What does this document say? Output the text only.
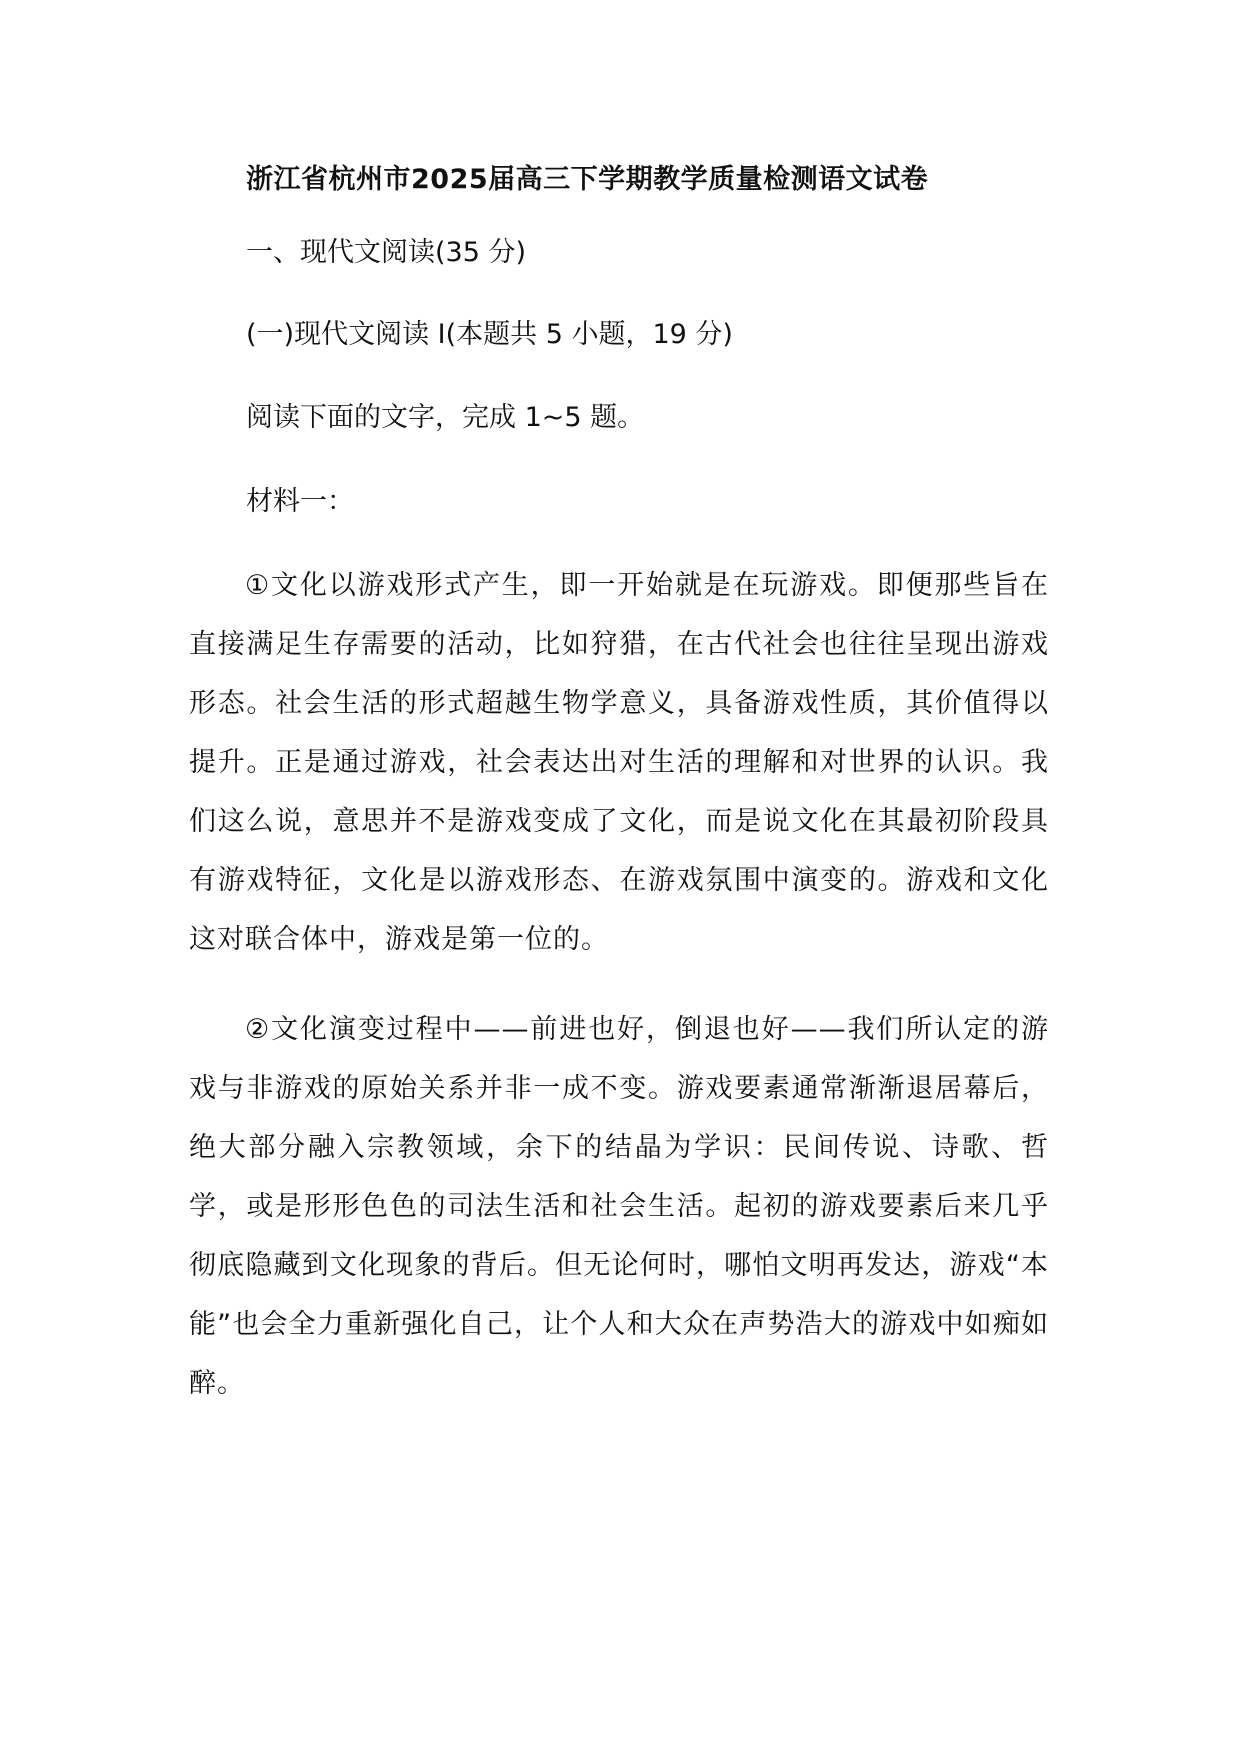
浙江省杭州市2025届高三下学期教学质量检测语文试卷
一、现代文阅读(35 分)
(一)现代文阅读 I(本题共 5 小题，19 分)
阅读下面的文字，完成 1~5 题。
材料一：
①文化以游戏形式产生，即一开始就是在玩游戏。即便那些旨在直接满足生存需要的活动，比如狩猎，在古代社会也往往呈现出游戏形态。社会生活的形式超越生物学意义，具备游戏性质，其价值得以提升。正是通过游戏，社会表达出对生活的理解和对世界的认识。我们这么说，意思并不是游戏变成了文化，而是说文化在其最初阶段具有游戏特征，文化是以游戏形态、在游戏氛围中演变的。游戏和文化这对联合体中，游戏是第一位的。
②文化演变过程中——前进也好，倒退也好——我们所认定的游戏与非游戏的原始关系并非一成不变。游戏要素通常渐渐退居幕后，绝大部分融入宗教领域，余下的结晶为学识：民间传说、诗歌、哲学，或是形形色色的司法生活和社会生活。起初的游戏要素后来几乎彻底隐藏到文化现象的背后。但无论何时，哪怕文明再发达，游戏“本能”也会全力重新强化自己，让个人和大众在声势浩大的游戏中如痴如醉。
